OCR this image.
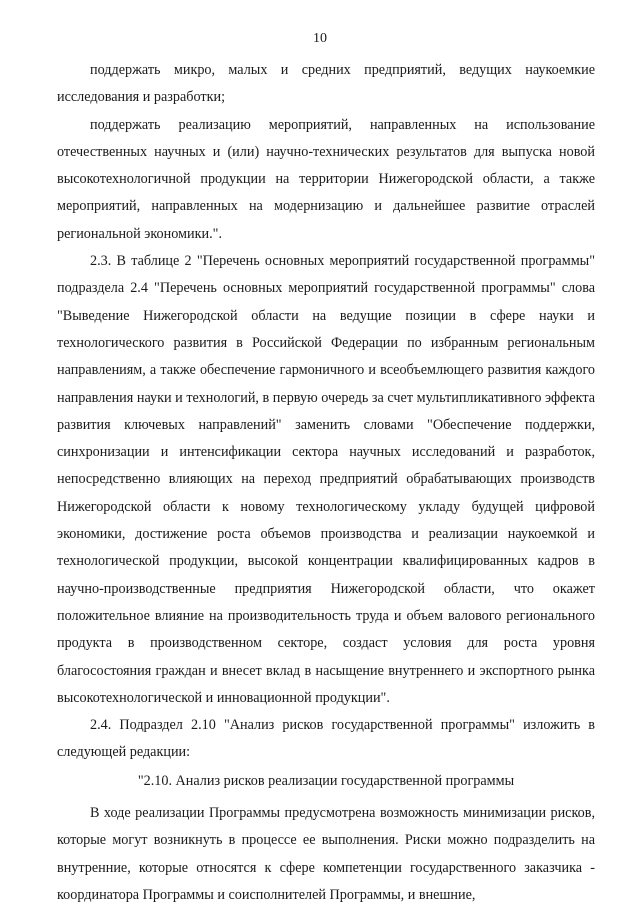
10

поддержать микро, малых и средних предприятий, ведущих наукоемкие исследования и разработки;

поддержать реализацию мероприятий, направленных на использование отечественных научных и (или) научно-технических результатов для выпуска новой высокотехнологичной продукции на территории Нижегородской области, а также мероприятий, направленных на модернизацию и дальнейшее развитие отраслей региональной экономики.".

2.3. В таблице 2 "Перечень основных мероприятий государственной программы" подраздела 2.4 "Перечень основных мероприятий государственной программы" слова "Выведение Нижегородской области на ведущие позиции в сфере науки и технологического развития в Российской Федерации по избранным региональным направлениям, а также обеспечение гармоничного и всеобъемлющего развития каждого направления науки и технологий, в первую очередь за счет мультипликативного эффекта развития ключевых направлений" заменить словами "Обеспечение поддержки, синхронизации и интенсификации сектора научных исследований и разработок, непосредственно влияющих на переход предприятий обрабатывающих производств Нижегородской области к новому технологическому укладу будущей цифровой экономики, достижение роста объемов производства и реализации наукоемкой и технологической продукции, высокой концентрации квалифицированных кадров в научно-производственные предприятия Нижегородской области, что окажет положительное влияние на производительность труда и объем валового регионального продукта в производственном секторе, создаст условия для роста уровня благосостояния граждан и внесет вклад в насыщение внутреннего и экспортного рынка высокотехнологической и инновационной продукции".

2.4. Подраздел 2.10 "Анализ рисков государственной программы" изложить в следующей редакции:

"2.10. Анализ рисков реализации государственной программы

В ходе реализации Программы предусмотрена возможность минимизации рисков, которые могут возникнуть в процессе ее выполнения. Риски можно подразделить на внутренние, которые относятся к сфере компетенции государственного заказчика - координатора Программы и соисполнителей Программы, и внешние,
